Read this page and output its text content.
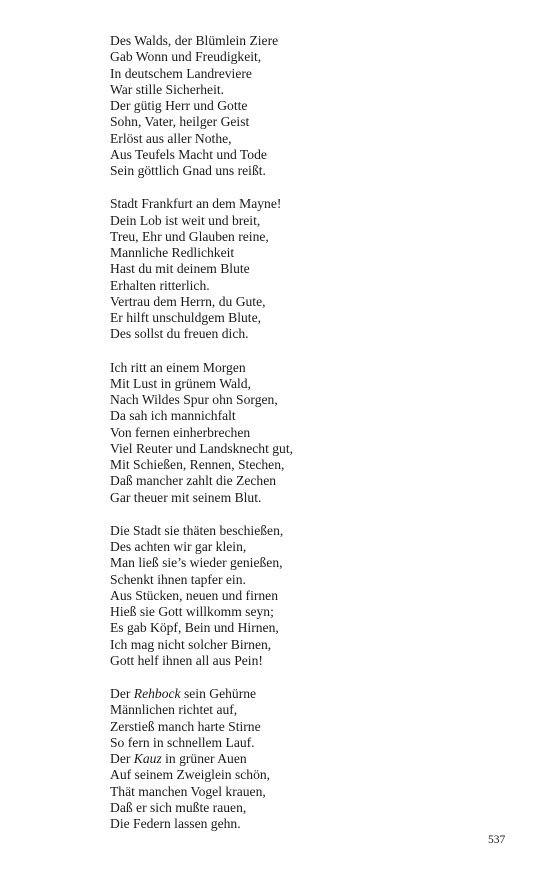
Des Walds, der Blümlein Ziere
Gab Wonn und Freudigkeit,
In deutschem Landreviere
War stille Sicherheit.
Der gütig Herr und Gotte
Sohn, Vater, heilger Geist
Erlöst aus aller Nothe,
Aus Teufels Macht und Tode
Sein göttlich Gnad uns reißt.
Stadt Frankfurt an dem Mayne!
Dein Lob ist weit und breit,
Treu, Ehr und Glauben reine,
Mannliche Redlichkeit
Hast du mit deinem Blute
Erhalten ritterlich.
Vertrau dem Herrn, du Gute,
Er hilft unschuldgem Blute,
Des sollst du freuen dich.
Ich ritt an einem Morgen
Mit Lust in grünem Wald,
Nach Wildes Spur ohn Sorgen,
Da sah ich mannichfalt
Von fernen einherbrechen
Viel Reuter und Landsknecht gut,
Mit Schießen, Rennen, Stechen,
Daß mancher zahlt die Zechen
Gar theuer mit seinem Blut.
Die Stadt sie thäten beschießen,
Des achten wir gar klein,
Man ließ sie’s wieder genießen,
Schenkt ihnen tapfer ein.
Aus Stücken, neuen und firnen
Hieß sie Gott willkomm seyn;
Es gab Köpf, Bein und Hirnen,
Ich mag nicht solcher Birnen,
Gott helf ihnen all aus Pein!
Der Rehbock sein Gehürne
Männlichen richtet auf,
Zerstieß manch harte Stirne
So fern in schnellem Lauf.
Der Kauz in grüner Auen
Auf seinem Zweiglein schön,
Thät manchen Vogel krauen,
Daß er sich mußte rauen,
Die Federn lassen gehn.
537
